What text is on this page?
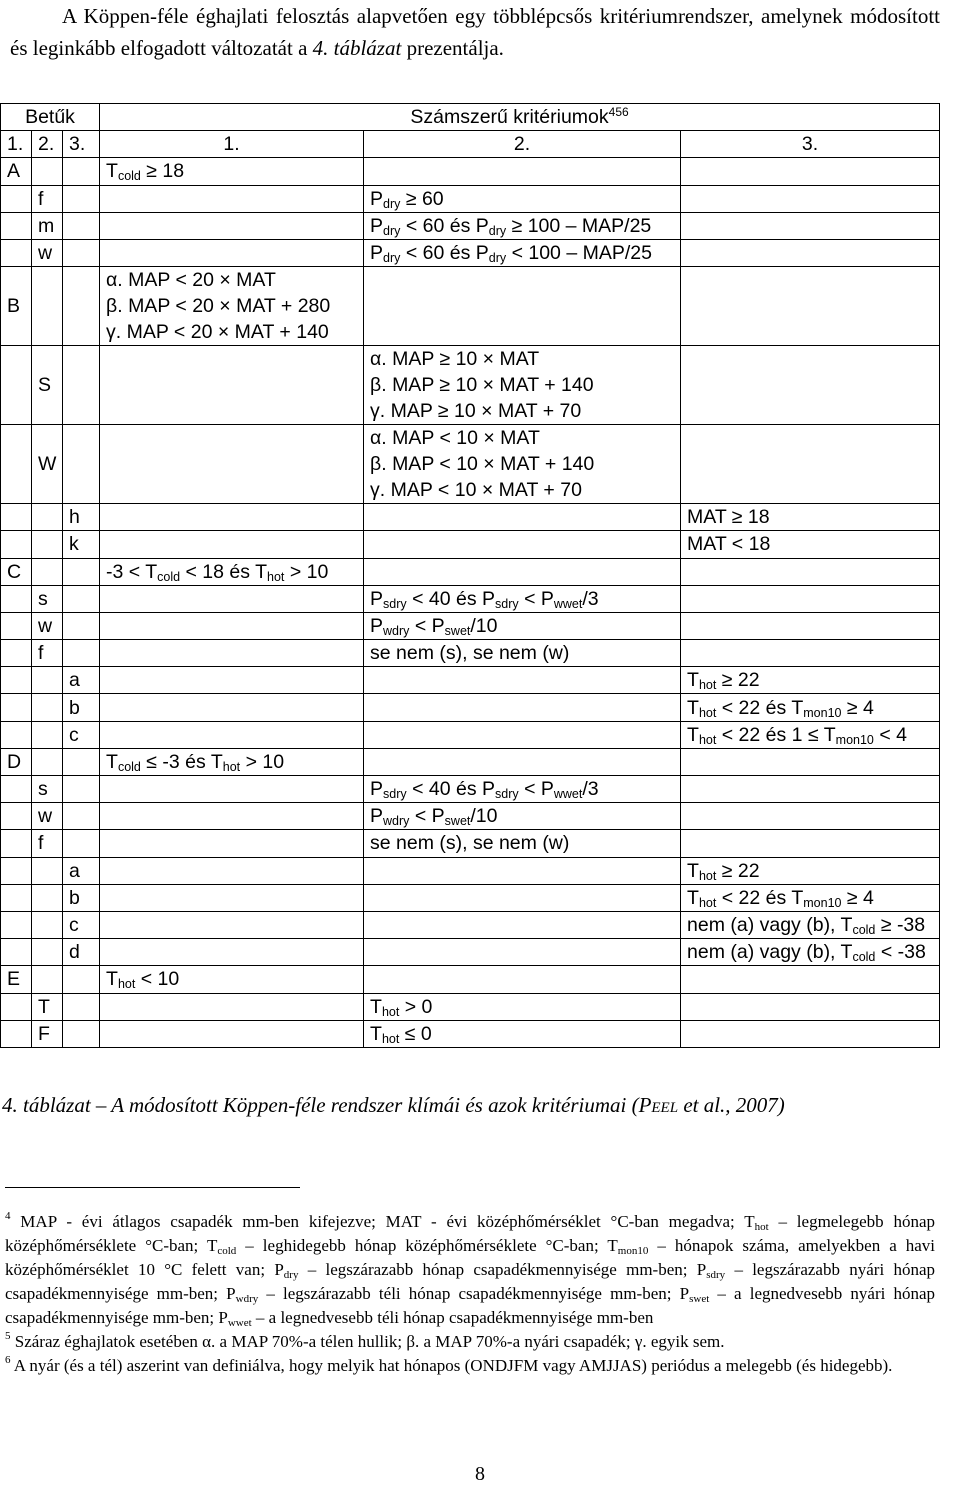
A Köppen-féle éghajlati felosztás alapvetően egy többlépcsős kritériumrendszer, amelynek módosított és leginkább elfogadott változatát a 4. táblázat prezentálja.

Betűk			Számszerű kritériumok$^{456}$
1.	2.	3.	1.	2.	3.
A			$T_{cold} \ge 18$		
	f			$P_{dry} \ge 60$	
	m			$P_{dry} < 60$ és $P_{dry} \ge 100 - MAP/25$	
	w			$P_{dry} < 60$ és $P_{dry} < 100 - MAP/25$	
B			α. MAP < 20 × MAT
β. MAP < 20 × MAT + 280
γ. MAP < 20 × MAT + 140		

	S			α. MAP ≥ 10 × MAT
β. MAP ≥ 10 × MAT + 140
γ. MAP ≥ 10 × MAT + 70	

	W			α. MAP < 10 × MAT
β. MAP < 10 × MAT + 140
γ. MAP < 10 × MAT + 70	

		h			MAT ≥ 18
		k			MAT < 18
C			$-3 < T_{cold} < 18$ és $T_{hot} > 10$		
	s			$P_{sdry} < 40$ és $P_{sdry} < P_{wwet}/3$	
	w			$P_{wdry} < P_{swet}/10$	
	f			se nem (s), se nem (w)	
		a			$T_{hot} \ge 22$
		b			$T_{hot} < 22$ és $T_{mon10} \ge 4$
		c			$T_{hot} < 22$ és $1 \le T_{mon10} < 4$
D			$T_{cold} \le -3$ és $T_{hot} > 10$		
	s			$P_{sdry} < 40$ és $P_{sdry} < P_{wwet}/3$	
	w			$P_{wdry} < P_{swet}/10$	
	f			se nem (s), se nem (w)	
		a			$T_{hot} \ge 22$
		b			$T_{hot} < 22$ és $T_{mon10} \ge 4$
		c			nem (a) vagy (b), $T_{cold} \ge -38$
		d			nem (a) vagy (b), $T_{cold} < -38$
E			$T_{hot} < 10$		
	T			$T_{hot} > 0$	
	F			$T_{hot} \le 0$	
4. táblázat – A módosított Köppen-féle rendszer klímái és azok kritériumai (Peel et al., 2007)

$^4$ MAP - évi átlagos csapadék mm-ben kifejezve; MAT - évi középhőmérséklet °C-ban megadva; $T_{hot}$ – legmelegebb hónap középhőmérséklete °C-ban; $T_{cold}$ – leghidegebb hónap középhőmérséklete °C-ban; $T_{mon10}$ – hónapok száma, amelyekben a havi középhőmérséklet 10 °C felett van; $P_{dry}$ – legszárazabb hónap csapadékmennyisége mm-ben; $P_{sdry}$ – legszárazabb nyári hónap csapadékmennyisége mm-ben; $P_{wdry}$ – legszárazabb téli hónap csapadékmennyisége mm-ben; $P_{swet}$ – a legnedvesebb nyári hónap csapadékmennyisége mm-ben; $P_{wwet}$ – a legnedvesebb téli hónap csapadékmennyisége mm-ben

$^5$ Száraz éghajlatok esetében α. a MAP 70%-a télen hullik; β. a MAP 70%-a nyári csapadék; γ. egyik sem.

$^6$ A nyár (és a tél) aszerint van definiálva, hogy melyik hat hónapos (ONDJFM vagy AMJJAS) periódus a melegebb (és hidegebb).

8
